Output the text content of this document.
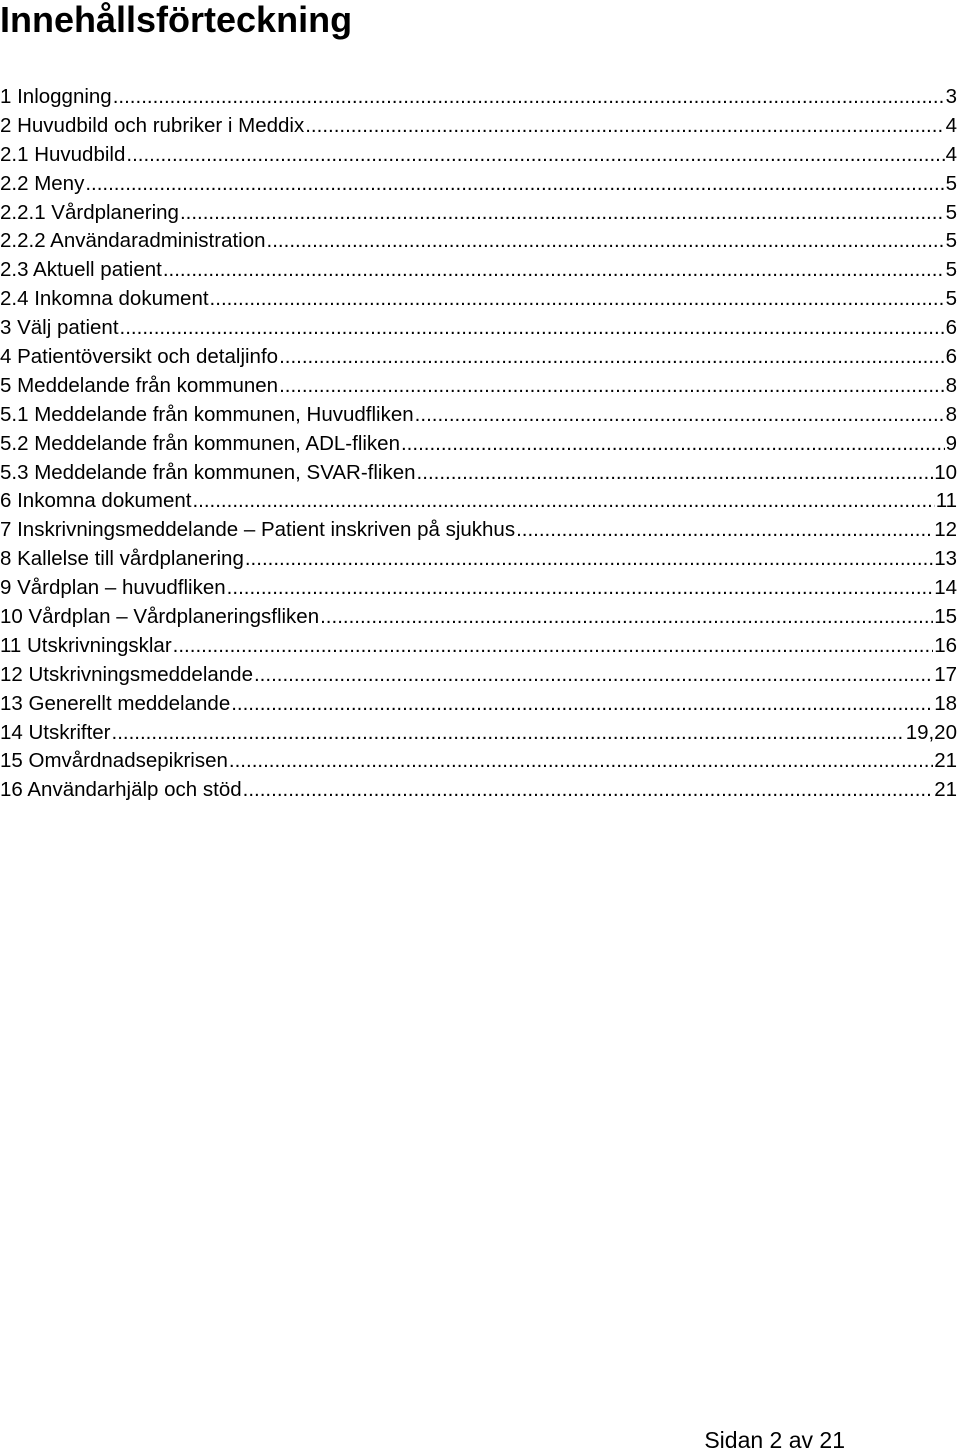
Innehållsförteckning
1 Inloggning .....	3
2 Huvudbild och rubriker i Meddix .....	4
2.1 Huvudbild .....	4
2.2 Meny .....	5
2.2.1 Vårdplanering .....	5
2.2.2 Användaradministration .....	5
2.3 Aktuell patient .....	5
2.4 Inkomna dokument .....	5
3 Välj patient .....	6
4 Patientöversikt och detaljinfo .....	6
5 Meddelande från kommunen .....	8
5.1 Meddelande från kommunen, Huvudfliken .....	8
5.2 Meddelande från kommunen, ADL-fliken .....	9
5.3 Meddelande från kommunen, SVAR-fliken .....	10
6 Inkomna dokument .....	11
7 Inskrivningsmeddelande – Patient inskriven på sjukhus .....	12
8 Kallelse till vårdplanering .....	13
9 Vårdplan – huvudfliken .....	14
10 Vårdplan – Vårdplaneringsfliken .....	15
11 Utskrivningsklar .....	16
12 Utskrivningsmeddelande .....	17
13 Generellt meddelande .....	18
14 Utskrifter .....	19,20
15 Omvårdnadsepikrisen .....	21
16 Användarhjälp och stöd .....	21
Sidan 2 av 21
